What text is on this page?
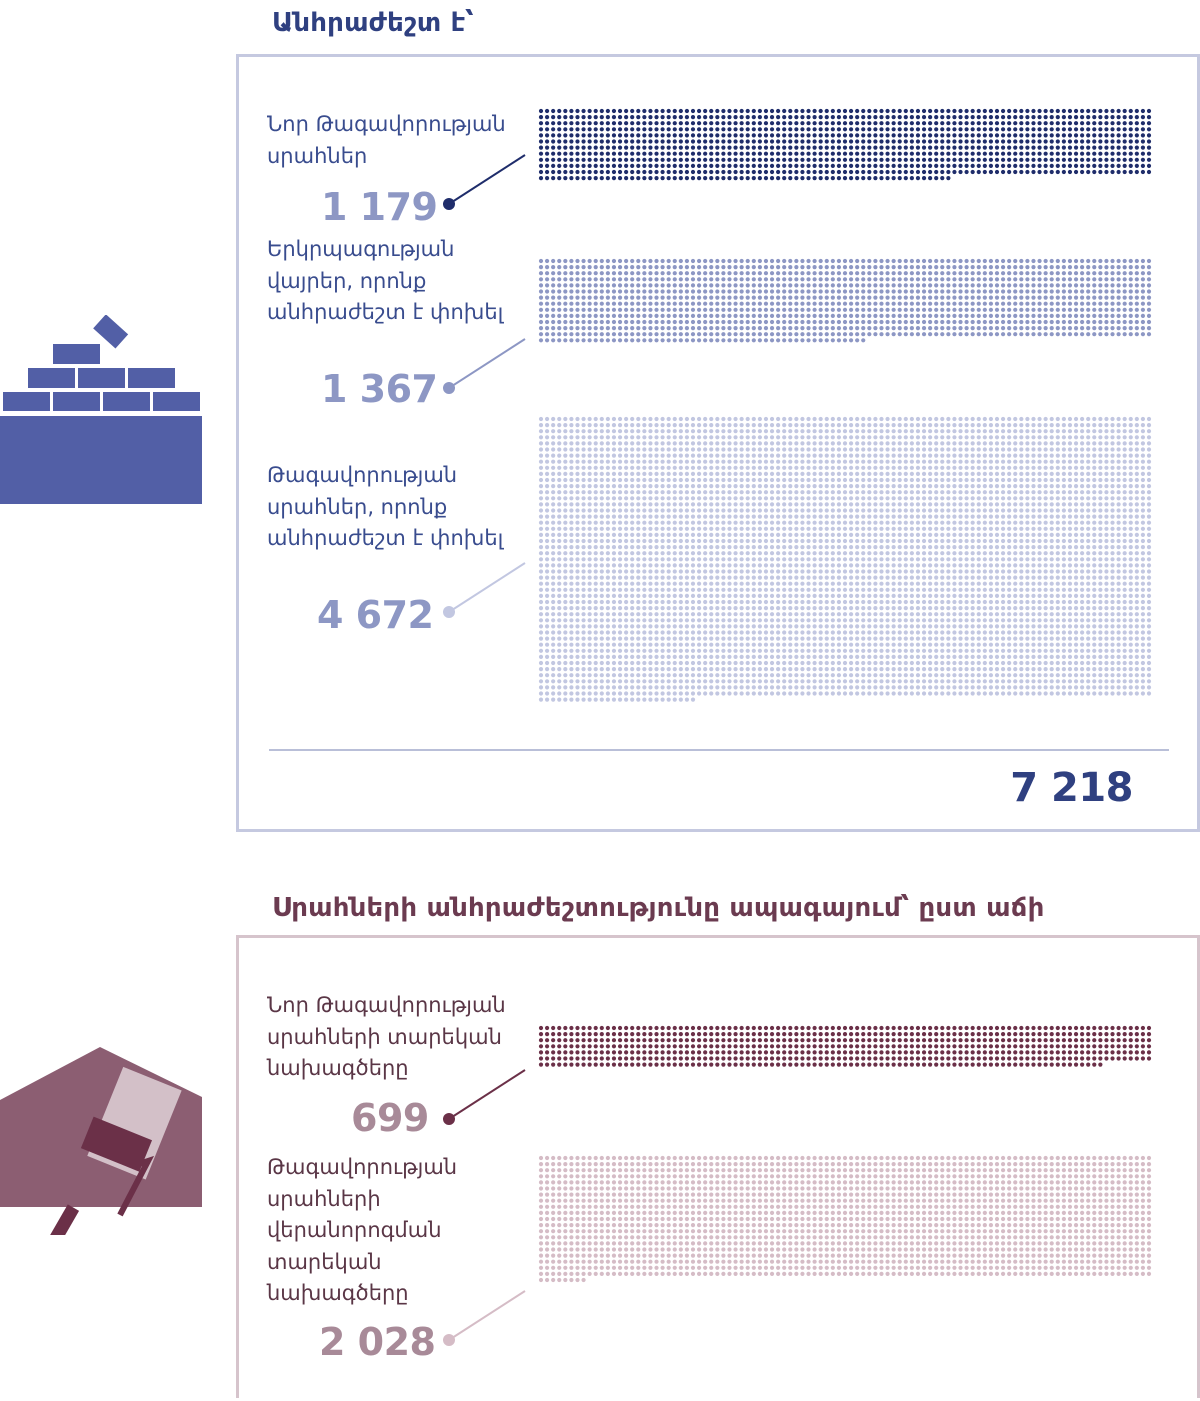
Անհրաժեշտ է՝

Նոր Թագավորության սրահներ

1 179

Երկրպագության վայրեր, որոնք անհրաժեշտ է փոխել

1 367

Թագավորության սրահներ, որոնք անհրաժեշտ է փոխել

4 672
7 218
Սրահների անհրաժեշտությունը ապագայում՝ ըստ աճի

Նոր Թագավորության սրահների տարեկան նախագծերը

699

Թագավորության սրահների վերանորոգման տարեկան նախագծերը

2 028
